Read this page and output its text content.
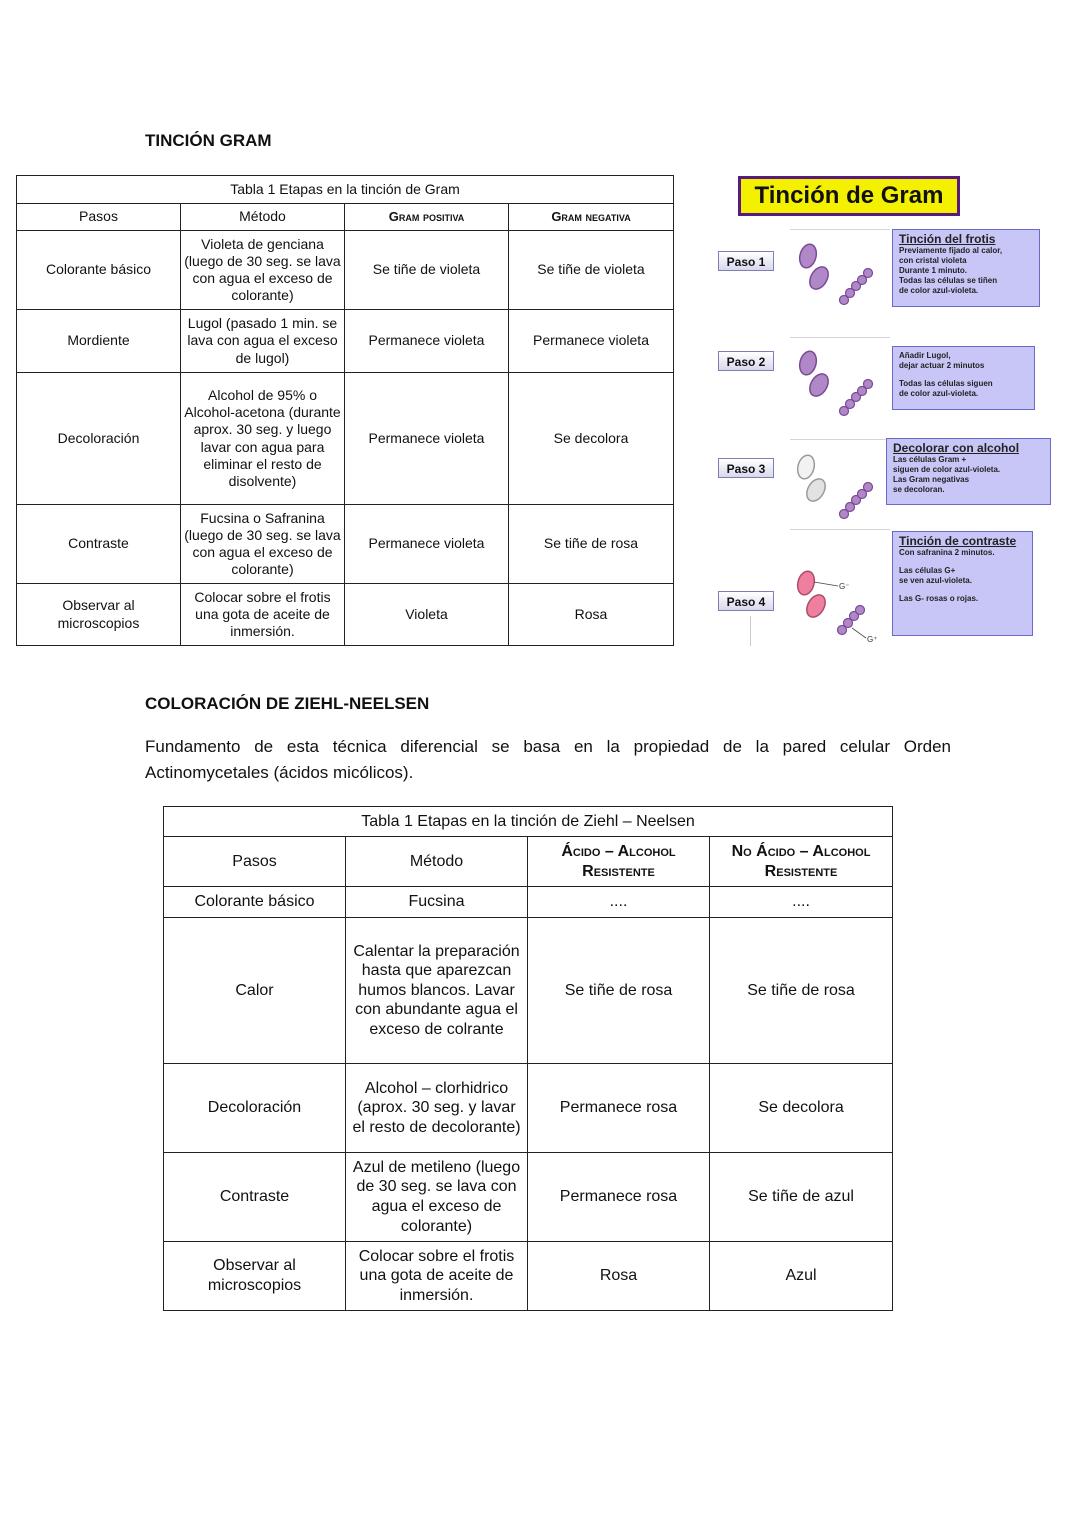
TINCIÓN GRAM
Tabla 1 Etapas en la tinción de Gram			
Pasos	Método	Gram positiva	Gram negativa
Colorante básico	Violeta de genciana (luego de 30 seg. se lava con agua el exceso de colorante)	Se tiñe de violeta	Se tiñe de violeta
Mordiente	Lugol (pasado 1 min. se lava con agua el exceso de lugol)	Permanece violeta	Permanece violeta
Decoloración	Alcohol de 95% o Alcohol-acetona (durante aprox. 30 seg. y luego lavar con agua para eliminar el resto de disolvente)	Permanece violeta	Se decolora
Contraste	Fucsina o Safranina (luego de 30 seg. se lava con agua el exceso de colorante)	Permanece violeta	Se tiñe de rosa
Observar al microscopios	Colocar sobre el frotis una gota de aceite de inmersión.	Violeta	Rosa
Tinción de Gram
Paso 1
Paso 2
Paso 3
Paso 4
G⁻
G⁺
Tinción del frotis
Previamente fijado al calor,
con cristal violeta
Durante 1 minuto.
Todas las células se tiñen
de color azul-violeta.
Añadir Lugol,
dejar actuar 2 minutos
Todas las células siguen
de color azul-violeta.
Decolorar con alcohol
Las células Gram +
siguen de color azul-violeta.
Las Gram negativas
se decoloran.
Tinción de contraste
Con safranina 2 minutos.
Las células G+
se ven azul-violeta.
Las G- rosas o rojas.
COLORACIÓN DE ZIEHL-NEELSEN
Fundamento de esta técnica diferencial se basa en la propiedad de la pared celular Orden Actinomycetales (ácidos micólicos).
Tabla 1 Etapas en la tinción de Ziehl – Neelsen			
Pasos	Método	Ácido – Alcohol Resistente	No Ácido – Alcohol Resistente
Colorante básico	Fucsina	....	....
Calor	Calentar la preparación hasta que aparezcan humos blancos. Lavar con abundante agua el exceso de colrante	Se tiñe de rosa	Se tiñe de rosa
Decoloración	Alcohol – clorhidrico (aprox. 30 seg. y lavar el resto de decolorante)	Permanece rosa	Se decolora
Contraste	Azul de metileno (luego de 30 seg. se lava con agua el exceso de colorante)	Permanece rosa	Se tiñe de azul
Observar al microscopios	Colocar sobre el frotis una gota de aceite de inmersión.	Rosa	Azul
